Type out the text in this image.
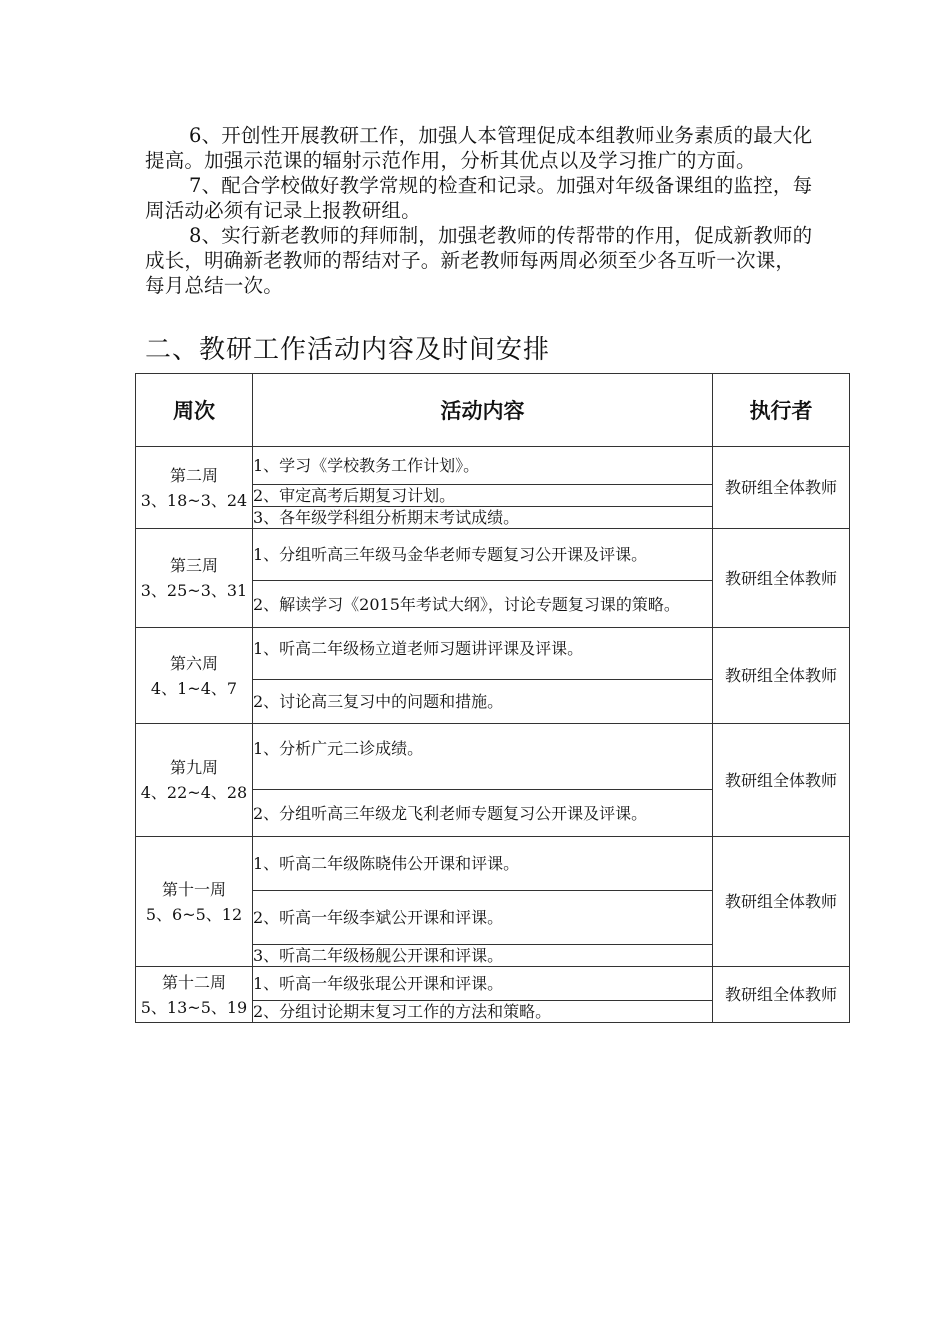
6、开创性开展教研工作，加强人本管理促成本组教师业务素质的最大化提高。加强示范课的辐射示范作用，分析其优点以及学习推广的方面。

7、配合学校做好教学常规的检查和记录。加强对年级备课组的监控，每周活动必须有记录上报教研组。

8、实行新老教师的拜师制，加强老教师的传帮带的作用，促成新教师的成长，明确新老教师的帮结对子。新老教师每两周必须至少各互听一次课，每月总结一次。

二、教研工作活动内容及时间安排
周次	活动内容	执行者

第二周
3、18~3、24	1、学习《学校教务工作计划》。	教研组全体教师
	2、审定高考后期复习计划。	
	3、各年级学科组分析期末考试成绩。	

第三周
3、25~3、31	1、分组听高三年级马金华老师专题复习公开课及评课。	教研组全体教师
	2、解读学习《2015年考试大纲》，讨论专题复习课的策略。	

第六周
4、1~4、7	1、听高二年级杨立道老师习题讲评课及评课。	教研组全体教师
	2、讨论高三复习中的问题和措施。	

第九周
4、22~4、28	1、分析广元二诊成绩。	教研组全体教师
	2、分组听高三年级龙飞利老师专题复习公开课及评课。	

第十一周
5、6~5、12	1、听高二年级陈晓伟公开课和评课。	教研组全体教师
	2、听高一年级李斌公开课和评课。	
	3、听高二年级杨舰公开课和评课。	

第十二周
5、13~5、19	1、听高一年级张琨公开课和评课。	教研组全体教师
	2、分组讨论期末复习工作的方法和策略。	
